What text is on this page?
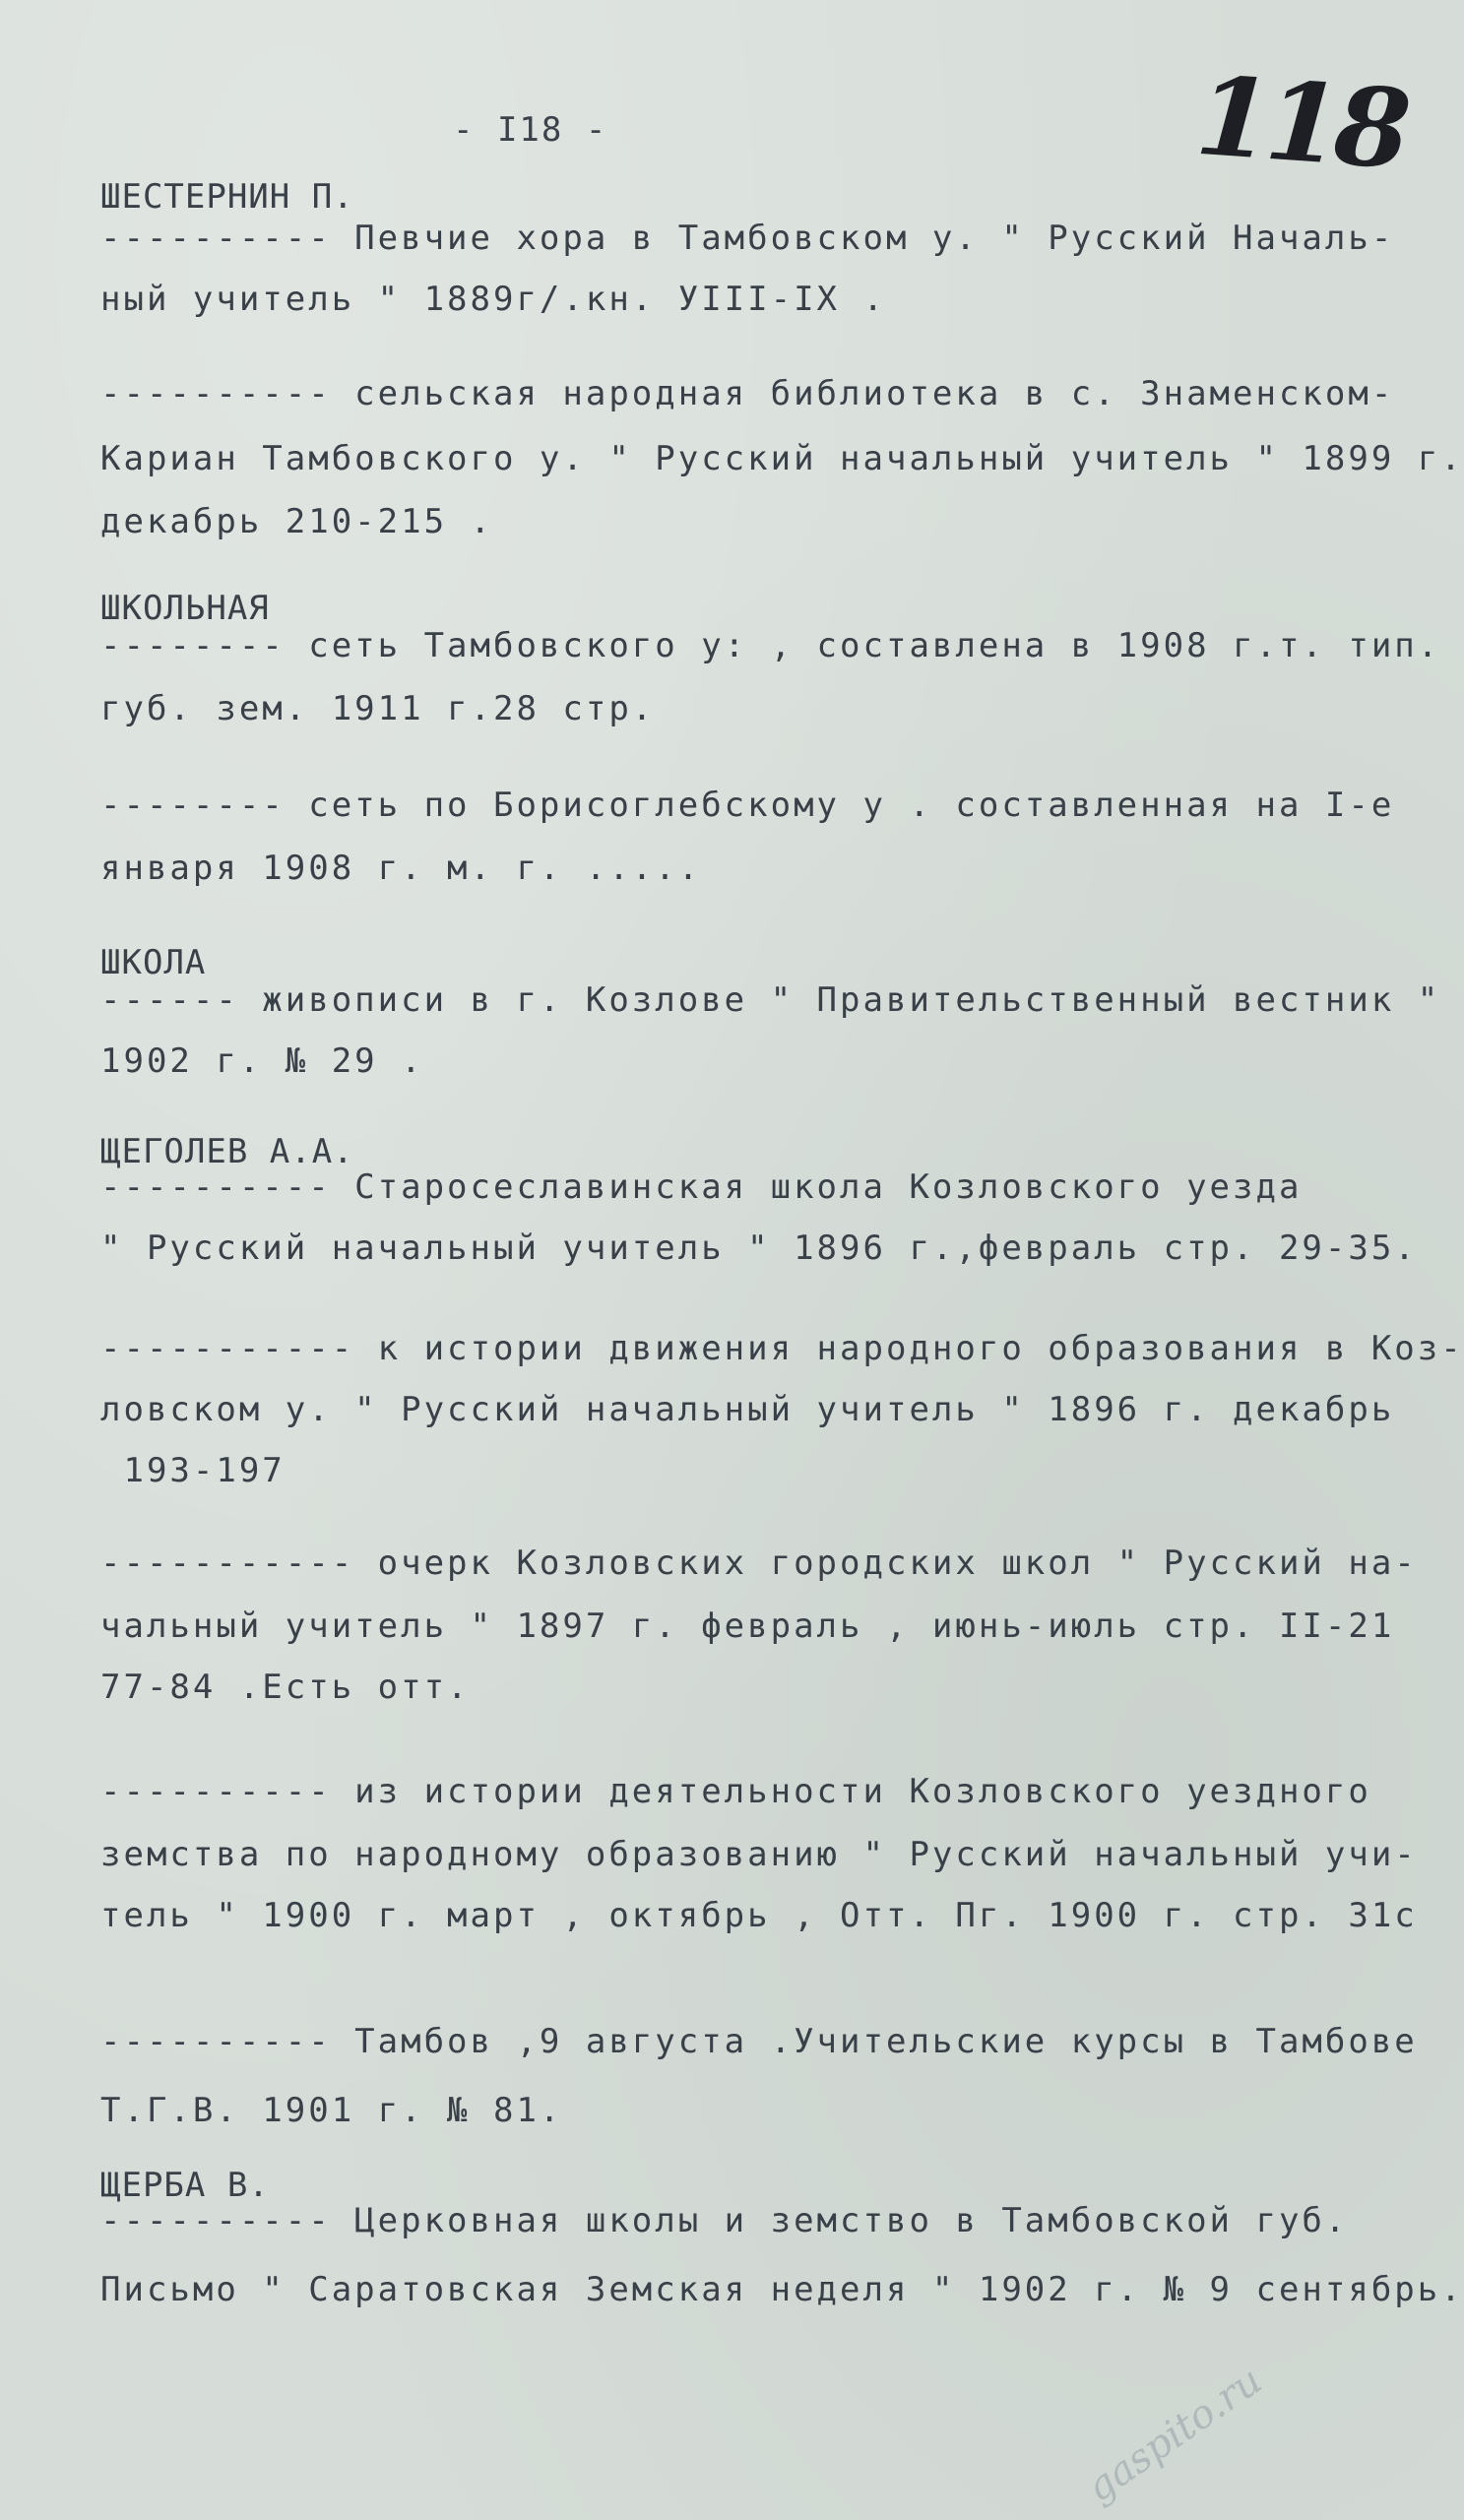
- I18 -	118
ШЕСТЕРНИН П.
---------- Певчие хора в Тамбовском у. " Русский Началь-
ный учитель " 1889г/.кн. УIII-IX .
---------- сельская народная библиотека в с. Знаменском-
Кариан Тамбовского у. " Русский начальный учитель " 1899 г.
декабрь 210-215 .
ШКОЛЬНАЯ
-------- сеть Тамбовского у: , составлена в 1908 г.т. тип.
губ. зем. 1911 г.28 стр.
-------- сеть по Борисоглебскому у . составленная на I-е
января 1908 г. м. г. .....
ШКОЛА
------ живописи в г. Козлове " Правительственный вестник "
1902 г. № 29 .
ЩЕГОЛЕВ А.А.
---------- Старосеславинская школа Козловского уезда
" Русский начальный учитель " 1896 г.,февраль стр. 29-35.
----------- к истории движения народного образования в Коз-
ловском у. " Русский начальный учитель " 1896 г. декабрь
193-197
----------- очерк Козловских городских школ " Русский на-
чальный учитель " 1897 г. февраль , июнь-июль стр. II-21
77-84 .Есть отт.
---------- из истории деятельности Козловского уездного
земства по народному образованию " Русский начальный учи-
тель " 1900 г. март , октябрь , Отт. Пг. 1900 г. стр. 31с
---------- Тамбов ,9 августа .Учительские курсы в Тамбове
Т.Г.В. 1901 г. № 81.
ЩЕРБА В.
---------- Церковная школы и земство в Тамбовской губ.
Письмо " Саратовская Земская неделя " 1902 г. № 9 сентябрь.
gaspito.ru
